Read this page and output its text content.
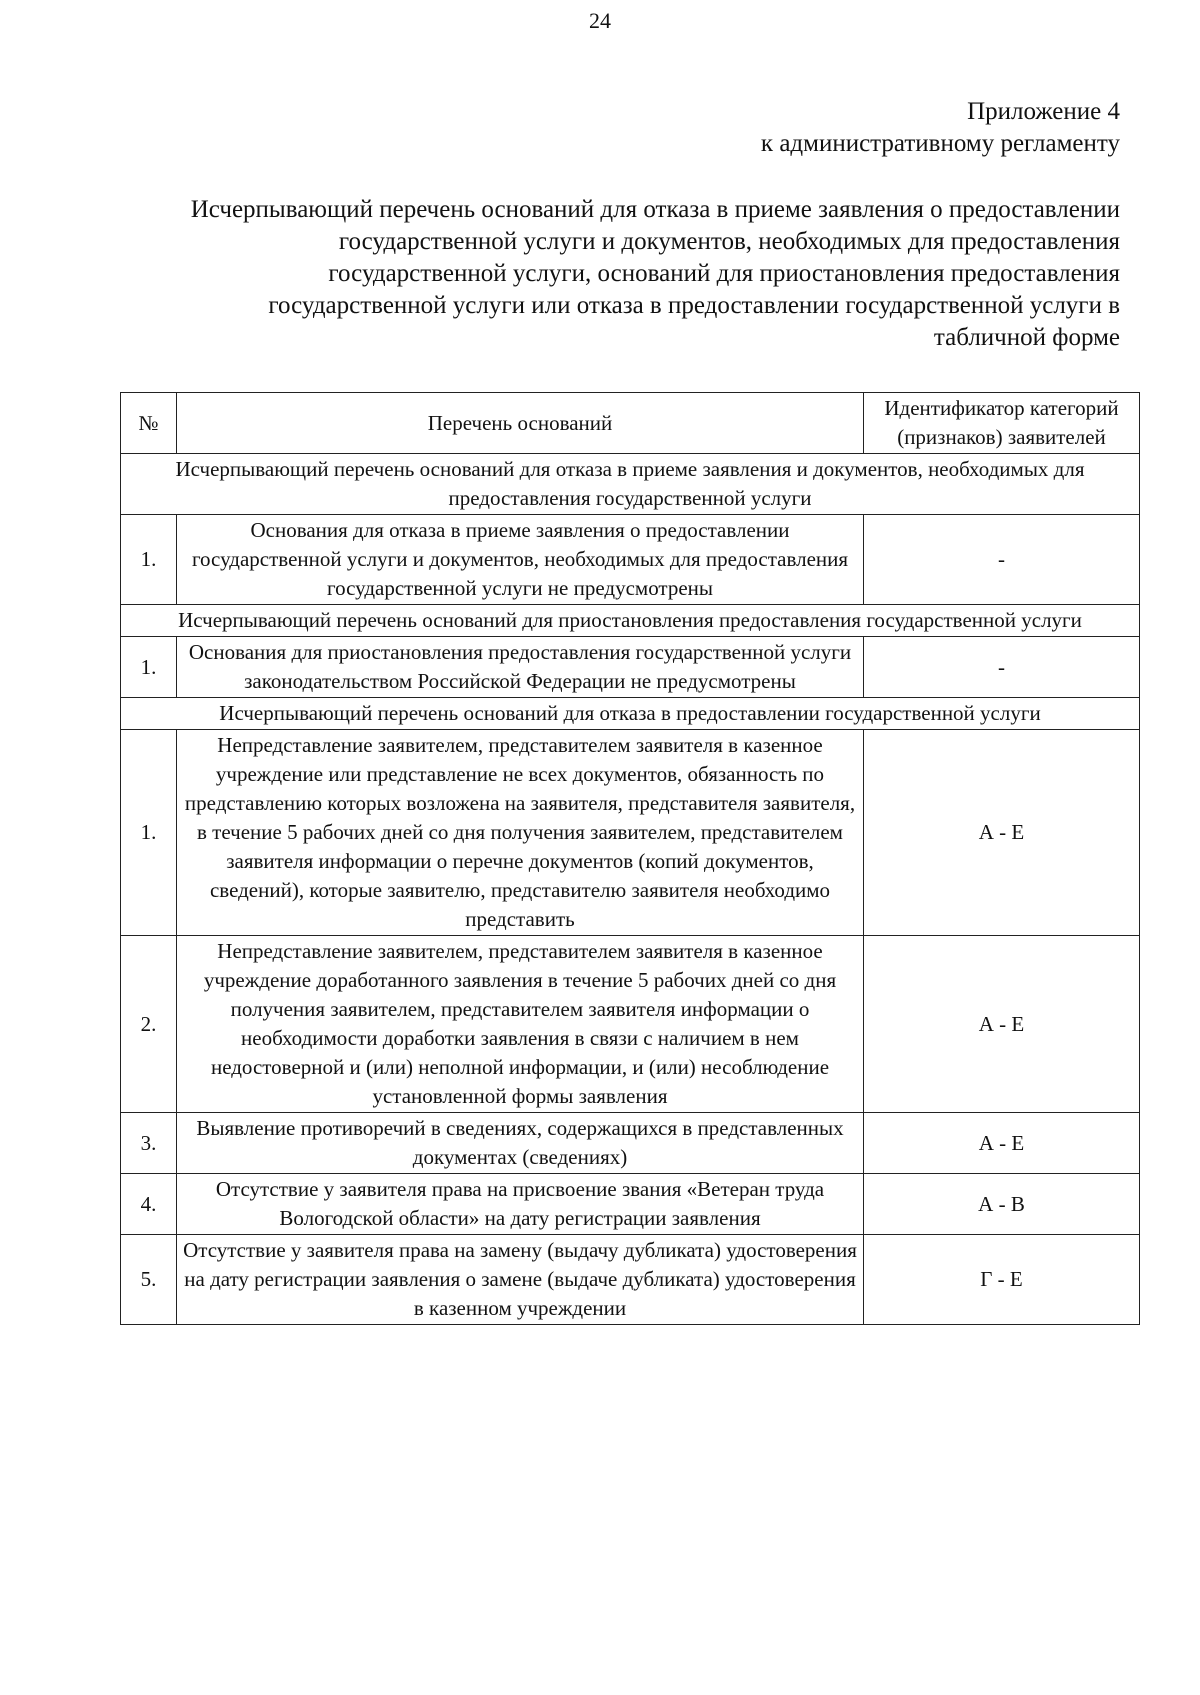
24
Приложение 4
к административному регламенту
Исчерпывающий перечень оснований для отказа в приеме заявления о предоставлении государственной услуги и документов, необходимых для предоставления государственной услуги, оснований для приостановления предоставления государственной услуги или отказа в предоставлении государственной услуги в табличной форме
№	Перечень оснований	Идентификатор категорий (признаков) заявителей
Исчерпывающий перечень оснований для отказа в приеме заявления и документов, необходимых для предоставления государственной услуги		
1.	Основания для отказа в приеме заявления о предоставлении государственной услуги и документов, необходимых для предоставления государственной услуги не предусмотрены	-
Исчерпывающий перечень оснований для приостановления предоставления государственной услуги		
1.	Основания для приостановления предоставления государственной услуги законодательством Российской Федерации не предусмотрены	-
Исчерпывающий перечень оснований для отказа в предоставлении государственной услуги		
1.	Непредставление заявителем, представителем заявителя в казенное учреждение или представление не всех документов, обязанность по представлению которых возложена на заявителя, представителя заявителя, в течение 5 рабочих дней со дня получения заявителем, представителем заявителя информации о перечне документов (копий документов, сведений), которые заявителю, представителю заявителя необходимо представить	А - Е
2.	Непредставление заявителем, представителем заявителя в казенное учреждение доработанного заявления в течение 5 рабочих дней со дня получения заявителем, представителем заявителя информации о необходимости доработки заявления в связи с наличием в нем недостоверной и (или) неполной информации, и (или) несоблюдение установленной формы заявления	А - Е
3.	Выявление противоречий в сведениях, содержащихся в представленных документах (сведениях)	А - Е
4.	Отсутствие у заявителя права на присвоение звания «Ветеран труда Вологодской области» на дату регистрации заявления	А - В
5.	Отсутствие у заявителя права на замену (выдачу дубликата) удостоверения на дату регистрации заявления о замене (выдаче дубликата) удостоверения в казенном учреждении	Г - Е
